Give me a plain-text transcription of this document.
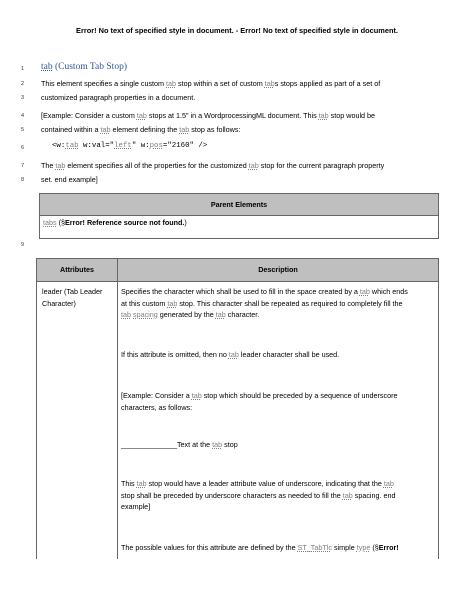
Error! No text of specified style in document. - Error! No text of specified style in document.
1
2
3
4
5
6
7
8
9
tab (Custom Tab Stop)
This element specifies a single custom tab stop within a set of custom tabs stops applied as part of a set of
customized paragraph properties in a document.
[Example: Consider a custom tab stops at 1.5" in a WordprocessingML document. This tab stop would be
contained within a tab element defining the tab stop as follows:
<w:tab w:val="left" w:pos="2160" />
The tab element specifies all of the properties for the customized tab stop for the current paragraph property
set. end example]
Parent Elements
tabs (§Error! Reference source not found.)
Attributes	Description
leader (Tab Leader
Character)
Specifies the character which shall be used to fill in the space created by a tab which ends
at this custom tab stop. This character shall be repeated as required to completely fill the
tab spacing generated by the tab character.
If this attribute is omitted, then no tab leader character shall be used.
[Example: Consider a tab stop which should be preceded by a sequence of underscore
characters, as follows:
______________Text at the tab stop
This tab stop would have a leader attribute value of underscore, indicating that the tab
stop shall be preceded by underscore characters as needed to fill the tab spacing. end
example]
The possible values for this attribute are defined by the ST_TabTlc simple type (§Error!
